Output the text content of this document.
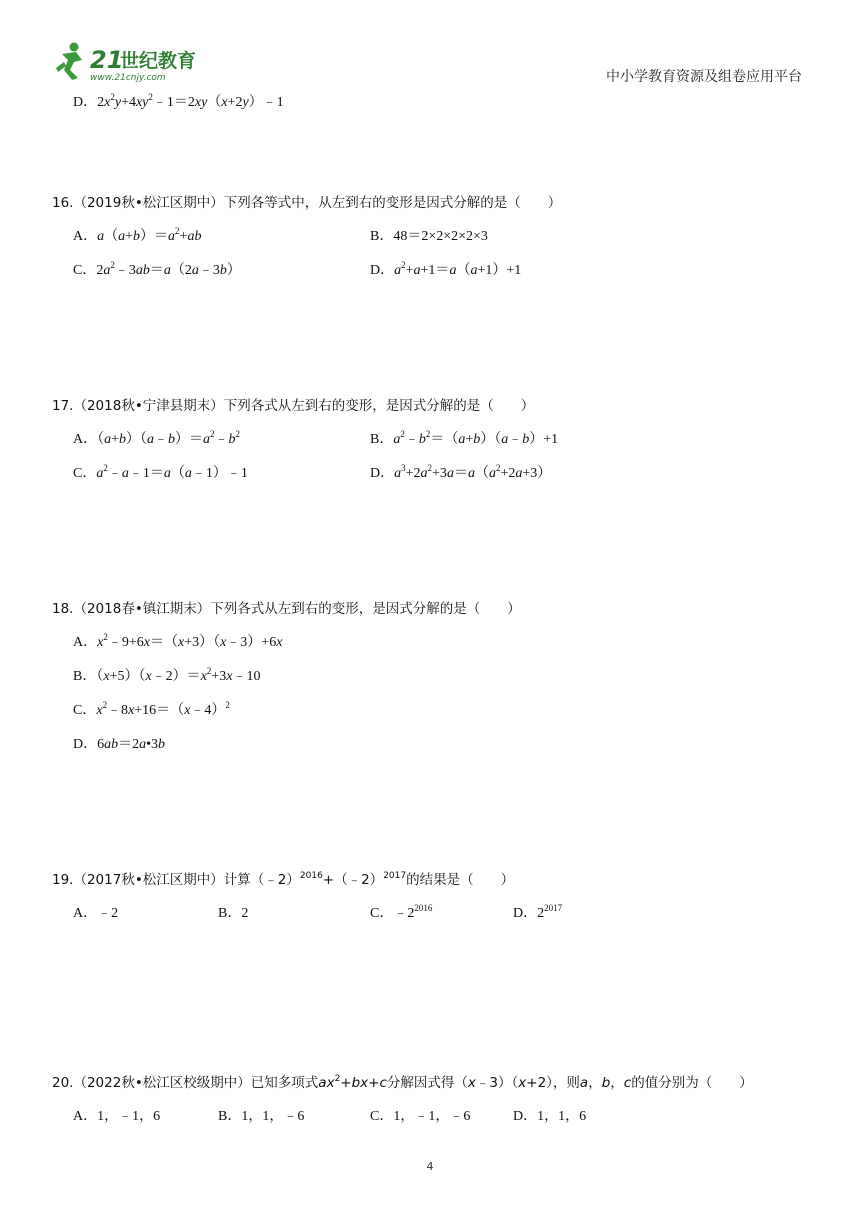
21
世纪教育
www.21cnjy.com	中小学教育资源及组卷应用平台
D．$2x^2y+4xy^2﹣1=2xy(x+2y)﹣1$
16.（2019秋•松江区期中）下列各等式中，从左到右的变形是因式分解的是（　　）
A．$a(a+b)=a^2+ab$	B．48＝2×2×2×2×3
C．$2a^2﹣3ab=a(2a﹣3b)$	D．$a^2+a+1=a(a+1)+1$
17.（2018秋•宁津县期末）下列各式从左到右的变形，是因式分解的是（　　）
A．$(a+b)(a﹣b)=a^2﹣b^2$	B．$a^2﹣b^2=(a+b)(a﹣b)+1$
C．$a^2﹣a﹣1=a(a﹣1)﹣1$	D．$a^3+2a^2+3a=a(a^2+2a+3)$
18.（2018春•镇江期末）下列各式从左到右的变形，是因式分解的是（　　）
A．$x^2﹣9+6x=(x+3)(x﹣3)+6x$
B．$(x+5)(x﹣2)=x^2+3x﹣10$
C．$x^2﹣8x+16=(x﹣4)^2$
D．6ab＝2a•3b
19.（2017秋•松江区期中）计算（﹣2）$^{2016}$+（﹣2）$^{2017}$的结果是（　　）
A．﹣2	B．2	C．$﹣2^{2016}$	D．$2^{2017}$
20.（2022秋•松江区校级期中）已知多项式$ax^2+bx+c$分解因式得（x﹣3）（x+2），则a，b，c的值分别为（　　）
A．1，﹣1，6	B．1，1，﹣6	C．1，﹣1，﹣6	D．1，1，6
4
